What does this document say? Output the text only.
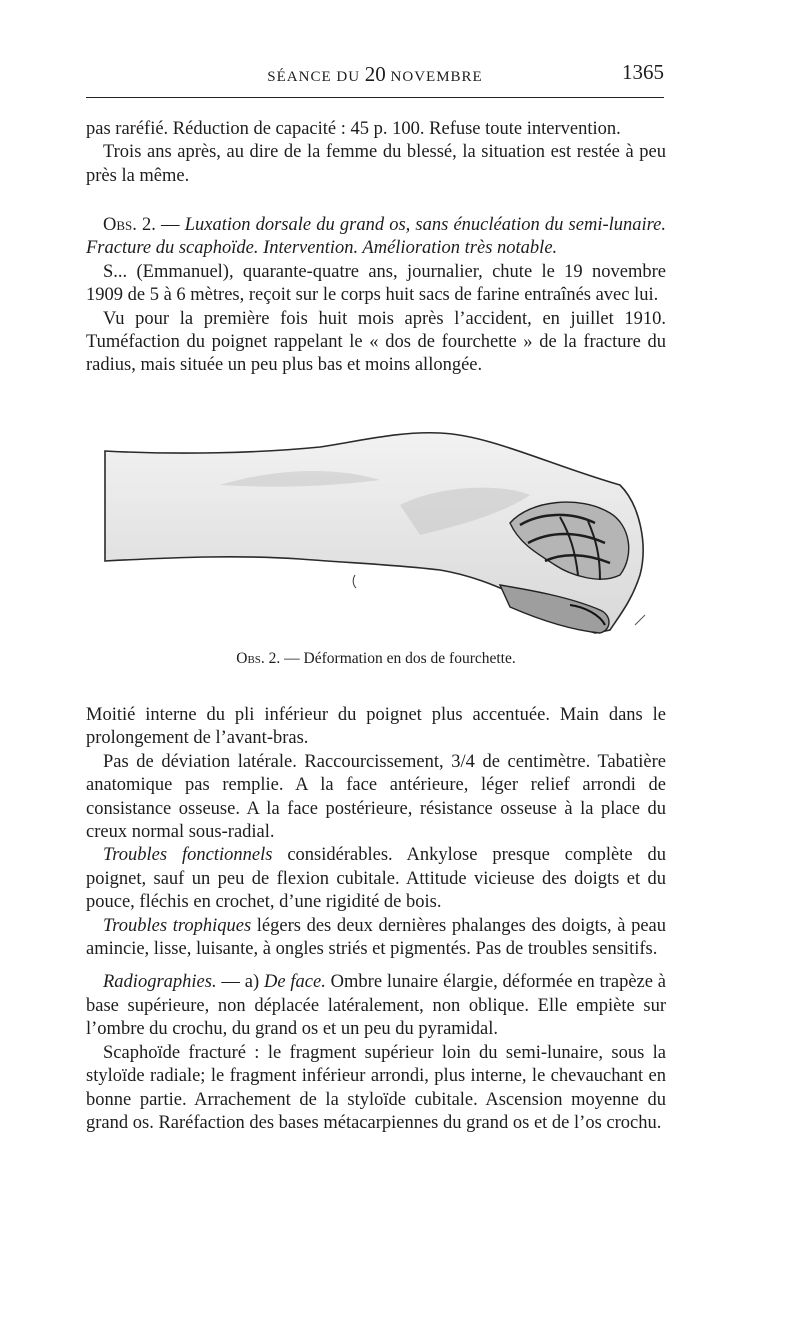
SÉANCE DU 20 NOVEMBRE	1365

pas raréfié. Réduction de capacité : 45 p. 100. Refuse toute intervention.

Trois ans après, au dire de la femme du blessé, la situation est restée à peu près la même.

Obs. 2. — Luxation dorsale du grand os, sans énucléation du semi-lunaire. Fracture du scaphoïde. Intervention. Amélioration très notable.

S... (Emmanuel), quarante-quatre ans, journalier, chute le 19 novembre 1909 de 5 à 6 mètres, reçoit sur le corps huit sacs de farine entraînés avec lui.

Vu pour la première fois huit mois après l’accident, en juillet 1910. Tuméfaction du poignet rappelant le « dos de fourchette » de la fracture du radius, mais située un peu plus bas et moins allongée.

Obs. 2. — Déformation en dos de fourchette.

Moitié interne du pli inférieur du poignet plus accentuée. Main dans le prolongement de l’avant-bras.

Pas de déviation latérale. Raccourcissement, 3/4 de centimètre. Tabatière anatomique pas remplie. A la face antérieure, léger relief arrondi de consistance osseuse. A la face postérieure, résistance osseuse à la place du creux normal sous-radial.

Troubles fonctionnels considérables. Ankylose presque complète du poignet, sauf un peu de flexion cubitale. Attitude vicieuse des doigts et du pouce, fléchis en crochet, d’une rigidité de bois.

Troubles trophiques légers des deux dernières phalanges des doigts, à peau amincie, lisse, luisante, à ongles striés et pigmentés. Pas de troubles sensitifs.

Radiographies. — a) De face. Ombre lunaire élargie, déformée en trapèze à base supérieure, non déplacée latéralement, non oblique. Elle empiète sur l’ombre du crochu, du grand os et un peu du pyramidal.

Scaphoïde fracturé : le fragment supérieur loin du semi-lunaire, sous la styloïde radiale; le fragment inférieur arrondi, plus interne, le chevauchant en bonne partie. Arrachement de la styloïde cubitale. Ascension moyenne du grand os. Raréfaction des bases métacarpiennes du grand os et de l’os crochu.
